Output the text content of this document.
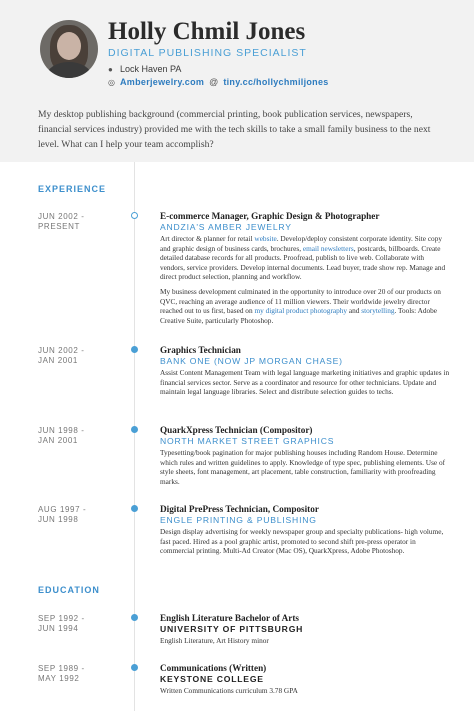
Holly Chmil Jones
DIGITAL PUBLISHING SPECIALIST
● Lock Haven PA
◎ Amberjewelry.com @ tiny.cc/hollychmiljones
My desktop publishing background (commercial printing, book publication services, newspapers, financial services industry) provided me with the tech skills to take a small family business to the next level. What can I help your team accomplish?
EXPERIENCE
JUN 2002 -
PRESENT
E-commerce Manager, Graphic Design & Photographer
ANDZIA'S AMBER JEWELRY
Art director & planner for retail website. Develop/deploy consistent corporate identity. Site copy and graphic design of business cards, brochures, email newsletters, postcards, billboards. Create detailed database records for all products. Proofread, publish to live web. Collaborate with vendors, service providers. Develop internal documents. Lead buyer, trade show rep. Manage and direct product selection, planning and workflow.
My business development culminated in the opportunity to introduce over 20 of our products on QVC, reaching an average audience of 11 million viewers. Their worldwide jewelry director reached out to us first, based on my digital product photography and storytelling. Tools: Adobe Creative Suite, particularly Photoshop.
JUN 2002 -
JAN 2001
Graphics Technician
BANK ONE (NOW JP MORGAN CHASE)
Assist Content Management Team with legal language marketing initiatives and graphic updates in financial services sector. Serve as a coordinator and resource for other technicians. Update and maintain legal language libraries. Select and distribute selection guides to techs.
JUN 1998 -
JAN 2001
QuarkXpress Technician (Compositor)
NORTH MARKET STREET GRAPHICS
Typesetting/book pagination for major publishing houses including Random House. Determine which rules and written guidelines to apply. Knowledge of type spec, publishing elements. Use of style sheets, font management, art placement, table construction, familiarity with proofreading marks.
AUG 1997 -
JUN 1998
Digital PrePress Technician, Compositor
ENGLE PRINTING & PUBLISHING
Design display advertising for weekly newspaper group and specialty publications- high volume, fast paced. Hired as a pool graphic artist, promoted to second shift pre-press operator in commercial printing. Multi-Ad Creator (Mac OS), QuarkXpress, Adobe Photoshop.
EDUCATION
SEP 1992 -
JUN 1994
English Literature Bachelor of Arts
UNIVERSITY OF PITTSBURGH
English Literature, Art History minor
SEP 1989 -
MAY 1992
Communications (Written)
KEYSTONE COLLEGE
Written Communications curriculum 3.78 GPA
